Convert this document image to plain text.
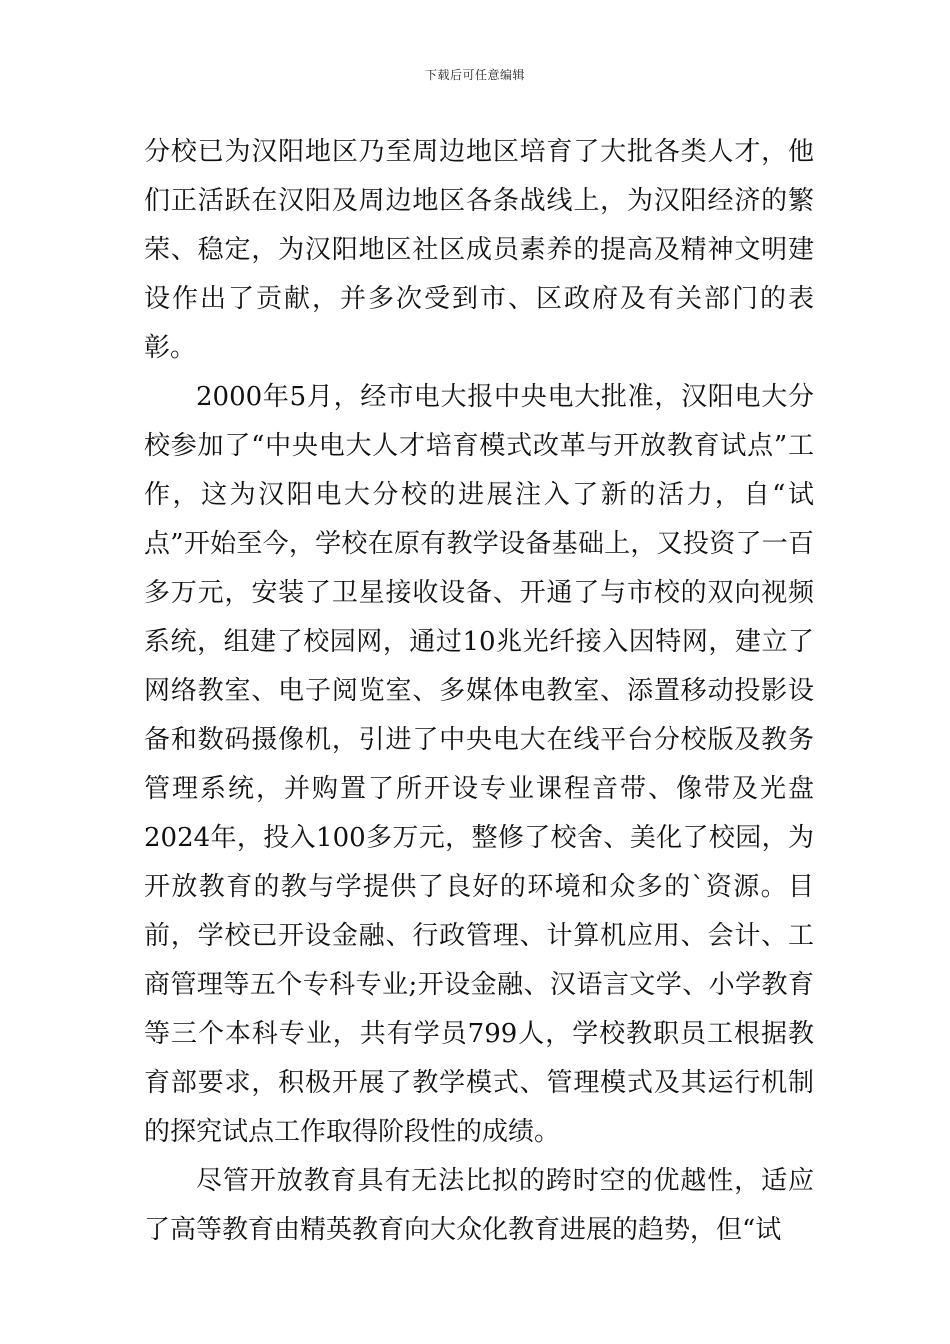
下载后可任意编辑

分校已为汉阳地区乃至周边地区培育了大批各类人才，他们正活跃在汉阳及周边地区各条战线上，为汉阳经济的繁荣、稳定，为汉阳地区社区成员素养的提高及精神文明建设作出了贡献，并多次受到市、区政府及有关部门的表彰。

2000年5月，经市电大报中央电大批准，汉阳电大分校参加了“中央电大人才培育模式改革与开放教育试点”工作，这为汉阳电大分校的进展注入了新的活力，自“试点”开始至今，学校在原有教学设备基础上，又投资了一百多万元，安装了卫星接收设备、开通了与市校的双向视频系统，组建了校园网，通过10兆光纤接入因特网，建立了网络教室、电子阅览室、多媒体电教室、添置移动投影设备和数码摄像机，引进了中央电大在线平台分校版及教务管理系统，并购置了所开设专业课程音带、像带及光盘2024年，投入100多万元，整修了校舍、美化了校园，为开放教育的教与学提供了良好的环境和众多的`资源。目前，学校已开设金融、行政管理、计算机应用、会计、工商管理等五个专科专业;开设金融、汉语言文学、小学教育等三个本科专业，共有学员799人，学校教职员工根据教育部要求，积极开展了教学模式、管理模式及其运行机制的探究试点工作取得阶段性的成绩。

尽管开放教育具有无法比拟的跨时空的优越性，适应了高等教育由精英教育向大众化教育进展的趋势，但“试
